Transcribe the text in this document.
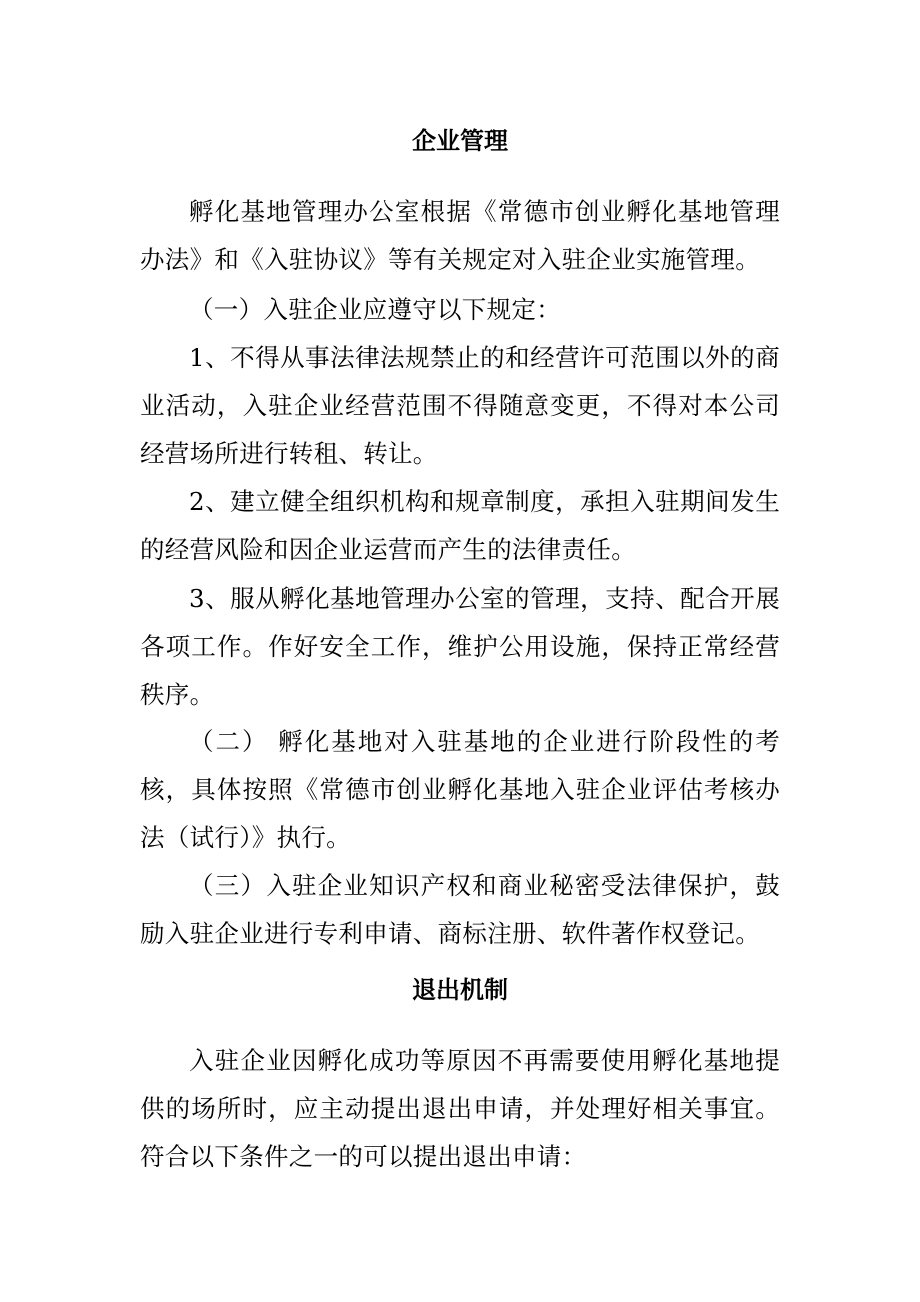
企业管理

孵化基地管理办公室根据《常德市创业孵化基地管理办法》和《入驻协议》等有关规定对入驻企业实施管理。

（一）入驻企业应遵守以下规定：

1、不得从事法律法规禁止的和经营许可范围以外的商业活动，入驻企业经营范围不得随意变更，不得对本公司经营场所进行转租、转让。

2、建立健全组织机构和规章制度，承担入驻期间发生的经营风险和因企业运营而产生的法律责任。

3、服从孵化基地管理办公室的管理，支持、配合开展各项工作。作好安全工作，维护公用设施，保持正常经营秩序。

（二） 孵化基地对入驻基地的企业进行阶段性的考核，具体按照《常德市创业孵化基地入驻企业评估考核办法（试行）》执行。

（三）入驻企业知识产权和商业秘密受法律保护，鼓励入驻企业进行专利申请、商标注册、软件著作权登记。

退出机制

入驻企业因孵化成功等原因不再需要使用孵化基地提供的场所时，应主动提出退出申请，并处理好相关事宜。符合以下条件之一的可以提出退出申请：
